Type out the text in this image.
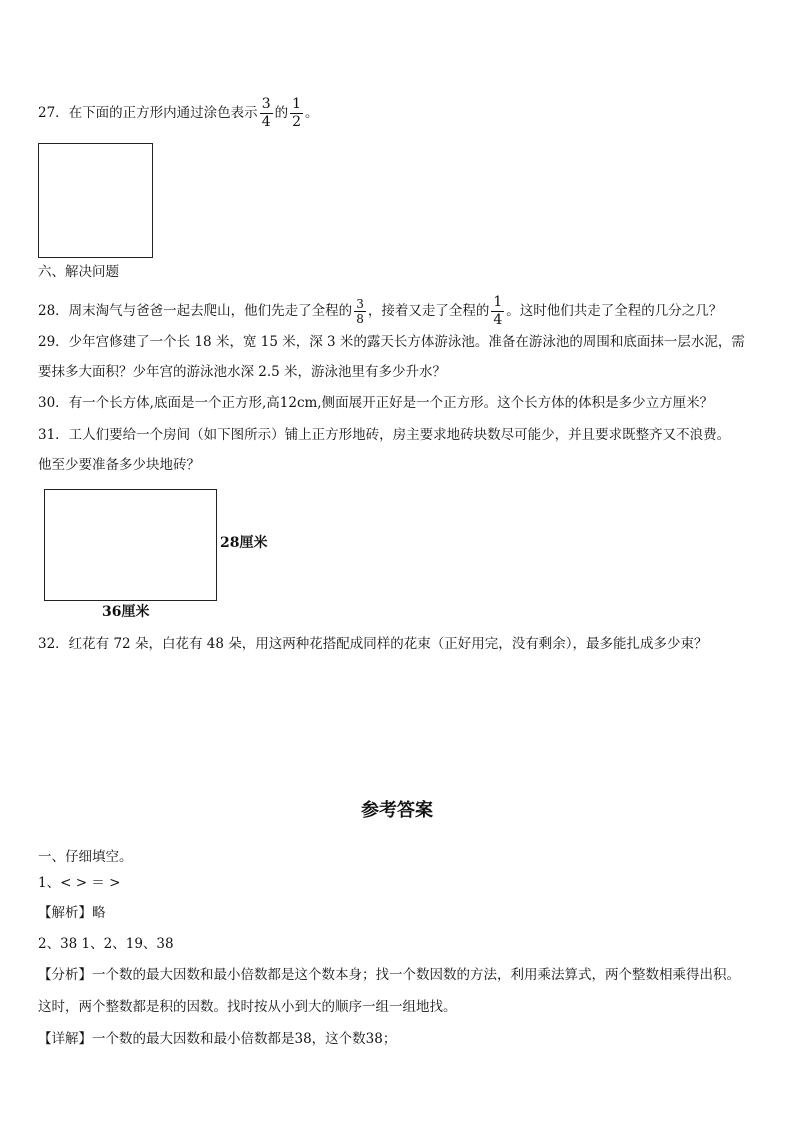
27．在下面的正方形内通过涂色表示 $\frac{3}{4}$ 的 $\frac{1}{2}$ 。
六、解决问题
28．周末淘气与爸爸一起去爬山，他们先走了全程的 $\frac{3}{8}$ ，接着又走了全程的 $\frac{1}{4}$ 。这时他们共走了全程的几分之几？
29．少年宫修建了一个长 18 米，宽 15 米，深 3 米的露天长方体游泳池。准备在游泳池的周围和底面抹一层水泥，需
要抹多大面积？少年宫的游泳池水深 2.5 米，游泳池里有多少升水？
30．有一个长方体,底面是一个正方形,高12cm,侧面展开正好是一个正方形。这个长方体的体积是多少立方厘米？
31．工人们要给一个房间（如下图所示）铺上正方形地砖，房主要求地砖块数尽可能少，并且要求既整齐又不浪费。
他至少要准备多少块地砖？
28厘米
36厘米
32．红花有 72 朵，白花有 48 朵，用这两种花搭配成同样的花束（正好用完，没有剩余），最多能扎成多少束？
参考答案
一、仔细填空。
1、< > ＝ >
【解析】略
2、38 1、2、19、38
【分析】一个数的最大因数和最小倍数都是这个数本身；找一个数因数的方法，利用乘法算式，两个整数相乘得出积。
这时，两个整数都是积的因数。找时按从小到大的顺序一组一组地找。
【详解】一个数的最大因数和最小倍数都是38，这个数38；
